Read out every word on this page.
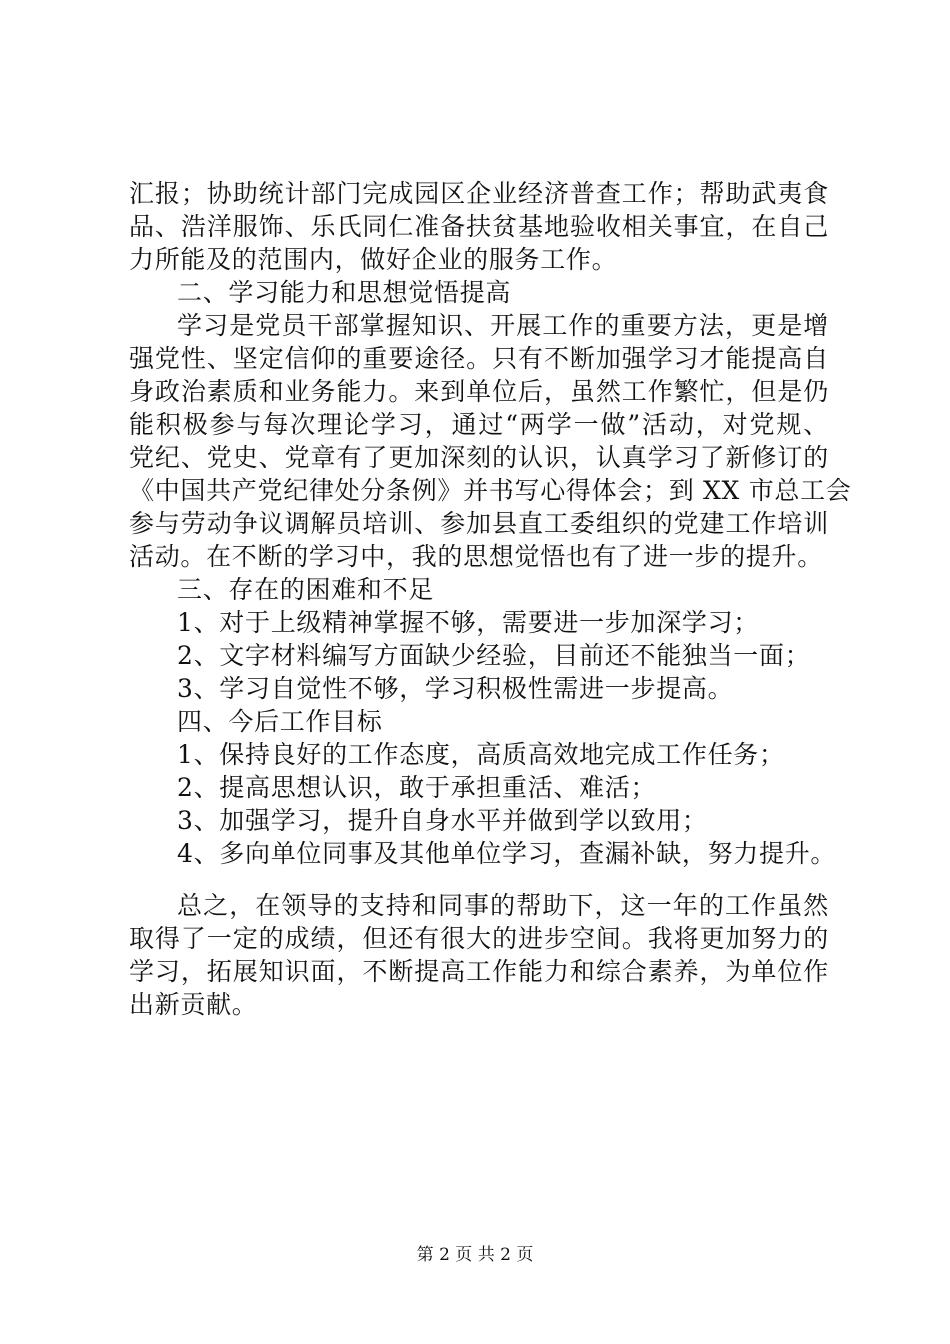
汇报；协助统计部门完成园区企业经济普查工作；帮助武夷食
品、浩洋服饰、乐氏同仁准备扶贫基地验收相关事宜，在自己
力所能及的范围内，做好企业的服务工作。
二、学习能力和思想觉悟提高
学习是党员干部掌握知识、开展工作的重要方法，更是增
强党性、坚定信仰的重要途径。只有不断加强学习才能提高自
身政治素质和业务能力。来到单位后，虽然工作繁忙，但是仍
能积极参与每次理论学习，通过“两学一做”活动，对党规、
党纪、党史、党章有了更加深刻的认识，认真学习了新修订的
《中国共产党纪律处分条例》并书写心得体会；到 XX 市总工会
参与劳动争议调解员培训、参加县直工委组织的党建工作培训
活动。在不断的学习中，我的思想觉悟也有了进一步的提升。
三、存在的困难和不足
1、对于上级精神掌握不够，需要进一步加深学习；
2、文字材料编写方面缺少经验，目前还不能独当一面；
3、学习自觉性不够，学习积极性需进一步提高。
四、今后工作目标
1、保持良好的工作态度，高质高效地完成工作任务；
2、提高思想认识，敢于承担重活、难活；
3、加强学习，提升自身水平并做到学以致用；
4、多向单位同事及其他单位学习，查漏补缺，努力提升。
总之，在领导的支持和同事的帮助下，这一年的工作虽然
取得了一定的成绩，但还有很大的进步空间。我将更加努力的
学习，拓展知识面，不断提高工作能力和综合素养，为单位作
出新贡献。
第 2 页 共 2 页
